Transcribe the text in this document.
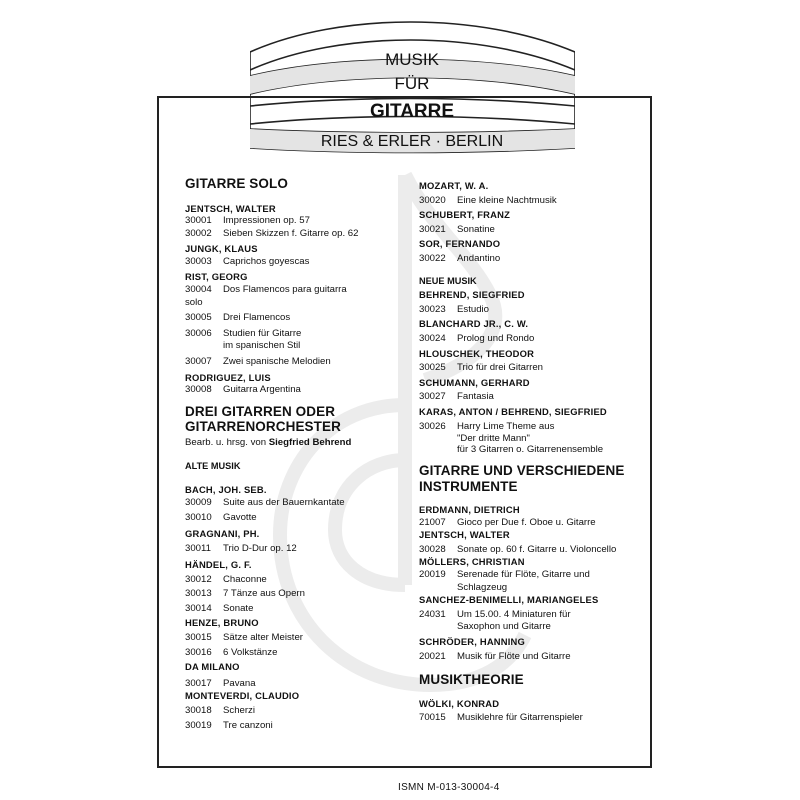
MUSIK
FÜR
GITARRE
RIES & ERLER · BERLIN
GITARRE SOLO
JENTSCH, WALTER
30001	Impressionen op. 57
30002	Sieben Skizzen f. Gitarre op. 62
JUNGK, KLAUS
30003	Caprichos goyescas
RIST, GEORG
30004	Dos Flamencos para guitarra
solo
30005	Drei Flamencos
30006	Studien für Gitarre
im spanischen Stil
30007	Zwei spanische Melodien
RODRIGUEZ, LUIS
30008	Guitarra Argentina
DREI GITARREN ODER
GITARRENORCHESTER
Bearb. u. hrsg. von Siegfried Behrend
ALTE MUSIK
BACH, JOH. SEB.
30009	Suite aus der Bauernkantate
30010	Gavotte
GRAGNANI, PH.
30011	Trio D-Dur op. 12
HÄNDEL, G. F.
30012	Chaconne
30013	7 Tänze aus Opern
30014	Sonate
HENZE, BRUNO
30015	Sätze alter Meister
30016	6 Volkstänze
DA MILANO
30017	Pavana
MONTEVERDI, CLAUDIO
30018	Scherzi
30019	Tre canzoni
MOZART, W. A.
30020	Eine kleine Nachtmusik
SCHUBERT, FRANZ
30021	Sonatine
SOR, FERNANDO
30022	Andantino
NEUE MUSIK
BEHREND, SIEGFRIED
30023	Estudio
BLANCHARD JR., C. W.
30024	Prolog und Rondo
HLOUSCHEK, THEODOR
30025	Trio für drei Gitarren
SCHUMANN, GERHARD
30027	Fantasia
KARAS, ANTON / BEHREND, SIEGFRIED
30026	Harry Lime Theme aus
"Der dritte Mann"
für 3 Gitarren o. Gitarrenensemble
GITARRE UND VERSCHIEDENE
INSTRUMENTE
ERDMANN, DIETRICH
21007	Gioco per Due f. Oboe u. Gitarre
JENTSCH, WALTER
30028	Sonate op. 60 f. Gitarre u. Violoncello
MÖLLERS, CHRISTIAN
20019	Serenade für Flöte, Gitarre und
Schlagzeug
SANCHEZ-BENIMELLI, MARIANGELES
24031	Um 15.00. 4 Miniaturen für
Saxophon und Gitarre
SCHRÖDER, HANNING
20021	Musik für Flöte und Gitarre
MUSIKTHEORIE
WÖLKI, KONRAD
70015	Musiklehre für Gitarrenspieler
ISMN M-013-30004-4
